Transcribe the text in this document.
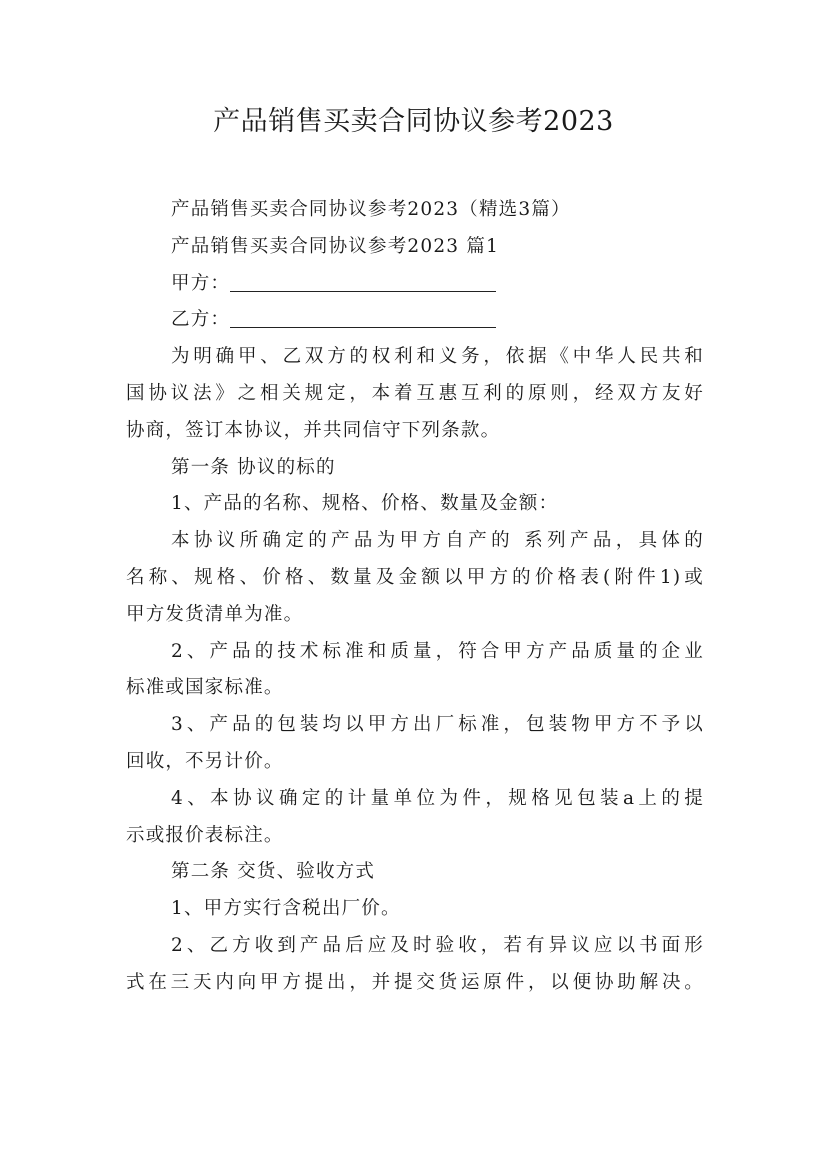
产品销售买卖合同协议参考2023
产品销售买卖合同协议参考2023（精选3篇）
产品销售买卖合同协议参考2023 篇1
甲方：
乙方：
为明确甲、乙双方的权利和义务，依据《中华人民共和
国协议法》之相关规定，本着互惠互利的原则，经双方友好
协商，签订本协议，并共同信守下列条款。
第一条 协议的标的
1、产品的名称、规格、价格、数量及金额：
本协议所确定的产品为甲方自产的 系列产品，具体的
名称、规格、价格、数量及金额以甲方的价格表(附件1)或
甲方发货清单为准。
2、产品的技术标准和质量，符合甲方产品质量的企业
标准或国家标准。
3、产品的包装均以甲方出厂标准，包装物甲方不予以
回收，不另计价。
4、本协议确定的计量单位为件，规格见包装a上的提
示或报价表标注。
第二条 交货、验收方式
1、甲方实行含税出厂价。
2、乙方收到产品后应及时验收，若有异议应以书面形
式在三天内向甲方提出，并提交货运原件，以便协助解决。
